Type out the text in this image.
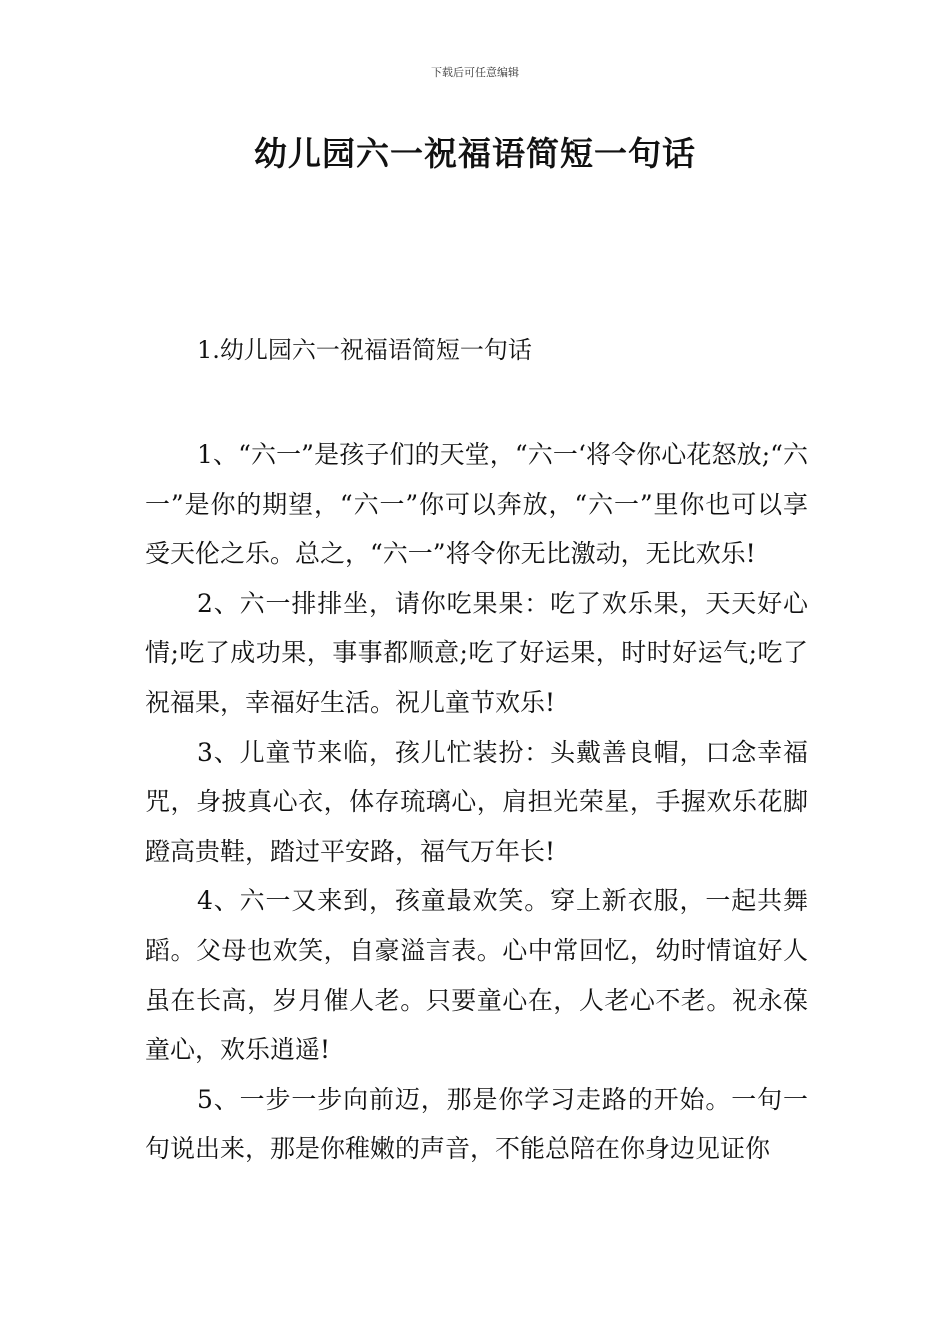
下载后可任意编辑
幼儿园六一祝福语简短一句话
1.幼儿园六一祝福语简短一句话

1、“六一”是孩子们的天堂，“六一‘将令你心花怒放;“六一”是你的期望，“六一”你可以奔放，“六一”里你也可以享受天伦之乐。总之，“六一”将令你无比激动，无比欢乐!

2、六一排排坐，请你吃果果：吃了欢乐果，天天好心情;吃了成功果，事事都顺意;吃了好运果，时时好运气;吃了祝福果，幸福好生活。祝儿童节欢乐!

3、儿童节来临，孩儿忙装扮：头戴善良帽，口念幸福咒，身披真心衣，体存琉璃心，肩担光荣星，手握欢乐花脚蹬高贵鞋，踏过平安路，福气万年长!

4、六一又来到，孩童最欢笑。穿上新衣服，一起共舞蹈。父母也欢笑，自豪溢言表。心中常回忆，幼时情谊好人虽在长高，岁月催人老。只要童心在，人老心不老。祝永葆童心，欢乐逍遥!

5、一步一步向前迈，那是你学习走路的开始。一句一句说出来，那是你稚嫩的声音，不能总陪在你身边见证你
